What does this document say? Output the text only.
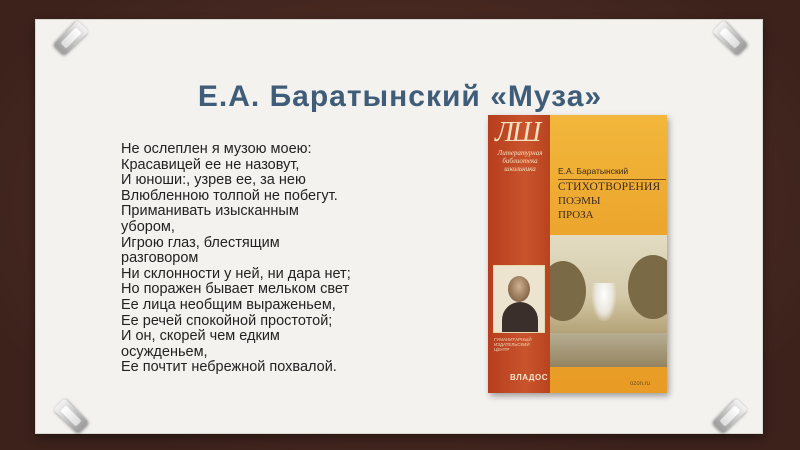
Е.А. Баратынский «Муза»
Не ослеплен я музою моею:
Красавицей ее не назовут,
И юноши:, узрев ее, за нею
Влюбленною толпой не побегут.
Приманивать изысканным
убором,
Игрою глаз, блестящим
разговором
Ни склонности у ней, ни дара нет;
Но поражен бывает мельком свет
Ее лица необщим выраженьем,
Ее речей спокойной простотой;
И он, скорей чем едким
осужденьем,
Ее почтит небрежной похвалой.
ЛШ
Литературная библиотека школьника
ГУМАНИТАРНЫЙ ИЗДАТЕЛЬСКИЙ ЦЕНТР
ВЛАДОС
Е.А. Баратынский
СТИХОТВОРЕНИЯ
ПОЭМЫ
ПРОЗА
ozon.ru
